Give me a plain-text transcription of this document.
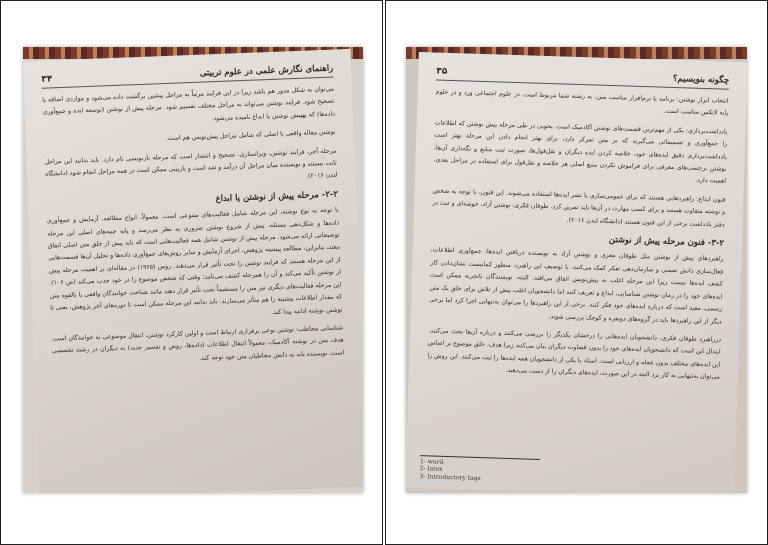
راهنمای نگارش علمی در علوم تربیتی
۳۴

می‌توان به شکل مدور هم باشد زیرا در این فرایند مرتباً به مراحل پیشین برگشت داده می‌شود و مواردی اضافه یا تصحیح شود. فرایند نوشتن می‌تواند به مراحل مختلف تقسیم شود. مرحله پیش از نوشتن (توسعه ایده و جمع‌آوری داده‌ها) که بهپیش نوشتن یا ابداع نامیده می‌شود.

نوشتن مقاله واقعی یا اصلی که شامل مراحل پیش‌نویس هم است.

مرحله آخر، فرایند نوشتن، ویراستاری، تصحیح و انتشار است که مرحله بازنویسی نام دارد. باید بدانید این مراحل ثابت نیستند و نویسنده میان مراحل آن درآمد و شد است و بازبینی ممکن است در همه مراحل انجام شود (دانشگاه لندن ۲۰۱۶).

۲-۲- مرحله پیش از نوشتن یا ابداع

با توجه به نوع نوشته، این مرحله شامل فعالیت‌های متنوعی است. معمولاً، انواع مطالعه، آزمایش و جمع‌آوری داده‌ها و شکل‌دهی مسئله، پیش از شروع نوشتن ضروری به نظر می‌رسد و پایه جنبه‌های اصلی این مرحله توضیحاتی ارائه می‌شود. مرحله پیش از نوشتن شامل همه فعالیت‌هایی است که باید پیش از خلق متن اصلی اتفاق بیفتد، بنابراین، مطالعه پیشینه پژوهش، اجرای آزمایش و سایر روش‌های جمع‌آوری داده‌ها و تحلیل آن‌ها قسمت‌هایی از این مرحله هستند که فرایند نوشتن را تحت تأثیر قرار می‌دهند. روس (۱۹۶۵) در مقاله‌ای بر اهمیت مرحله پیش از نوشتن تأکید می‌کند و آن را همرحله کشف می‌نامد؛ وقتی که شخص موضوع را در خود جذب می‌کند (ص ۱۰۶). این مرحله فعالیت‌های دیگری نیز متن را مستقیماً تحت تأثیر قرار دهند مانند شناخت خوانندگان واقعی یا بالقوه متن که مقدار اطلاعات پیشینه را هم متأثر می‌سازند. باید بدانید این مرحله ممکن است تا دوره‌های آخر پژوهش، یعنی تا نوشتن نوشته ادامه پیدا کند.

شناسایی مخاطب: نوشتن نوعی برقراری ارتباط است و اولین کارکرد نوشتن، انتقال موضوعی به خوانندگان است. هدف متن در نوشته آکادمیک، معمولاً انتقال اطلاعات (داده‌ها، روش و تفسیر جدید) به دیگران در رشته تخصصی است. نویسنده باید به دانش مخاطبان متن خود توجه کند.

چگونه بنویسیم؟
۳۵

انتخاب ابزار نوشتن: برنامه یا نرم‌افزار مناسب متن، به رشته شما مربوط است. در علوم اجتماعی ورد و در علوم پایه لاتکس مناسب است.

یادداشت‌برداری: یکی از مهم‌ترین قسمت‌های نوشتن آکادمیک است. بخوبی در طی مرحله پیش نوشتن که اطلاعات را جمع‌آوری و تصمیماتی می‌گیرید که بر متن تمرکز دارد، برای بهتر انجام دادن این مرحله بهتر است یادداشت‌برداری دقیق ایده‌های خود، خلاصه کردن ایده دیگران و نقل‌قول‌ها، صورت ثبت منابع و نگه‌داری آن‌ها، نوشتن برچسب‌های معرفی برای فراموش نکردن منبع اصلی هر خلاصه و نقل‌قول برای استفاده در مراحل بعدی، اهمیت دارد.

فنون ابداع: راهبردهایی هستند که برای عمومی‌سازی یا نشر ایده‌ها استفاده می‌شوند. این فنون، با توجه به شخص و نوشته متفاوت هستند و برای کسب مهارت در آن‌ها باید تمرین کرد. طوفان فکری، نوشتن آزاد، خوشه‌ای و ثبت در دفتر یادداشت برخی از این فنون هستند (دانشگاه لندن ۲۰۱۶).

۳-۲- فنون مرحله پیش از نوشتن

راهبردهای پیش از نوشتن مثل طوفان مغزی و نوشتن آزاد به نویسنده دریافتن ایده‌ها، جمع‌آوری اطلاعات، فعال‌سازی دانش ضمنی و سازمان‌دهی تفکر کمک می‌کنند. با توصیف این راهبرد، منظور کمانیست نشان‌دادن کار کشف ایده‌ها نیست زیرا این مرحله اغلب به پیش‌نویس اتفاق می‌افتد. البته، نویسندگان باتجربه ممکن است ایده‌های خود را در زمان نوشتن شناسایی، ابداع و تعریف کنند اما دانشجویان اغلب پیش از تلاش برای خلق یک متن رسمی، مفید است که درباره ایده‌های خود فکر کنند. برخی از این راهبردها را می‌توان به‌تنهایی اجرا کرد اما برخی دیگر از این راهبردها باید در گروه‌های دونفره و کوچک بررسی شوند.

درراهبرد طوفان فکری، دانشجویان ایده‌هایی را درخشان یکدیگر را بررسی می‌کنند و درباره آن‌ها بحث می‌کنند. ابتدال این است که دانشجویان ایده‌های خود را بدون قضاوت دیگران بیان می‌کنند زیرا هدف، خلق موضوع بر اساس این ایده‌های مختلف بدون عجله و ارزیابی است. استاد یا یکی از دانشجویان همه ایده‌ها را ثبت می‌کنند. این روش را می‌توان به‌تنهایی به کار برد البته در این صورت، ایده‌های دیگران را از دست می‌دهید.

1- word
2- latex
3- Introductory tags
